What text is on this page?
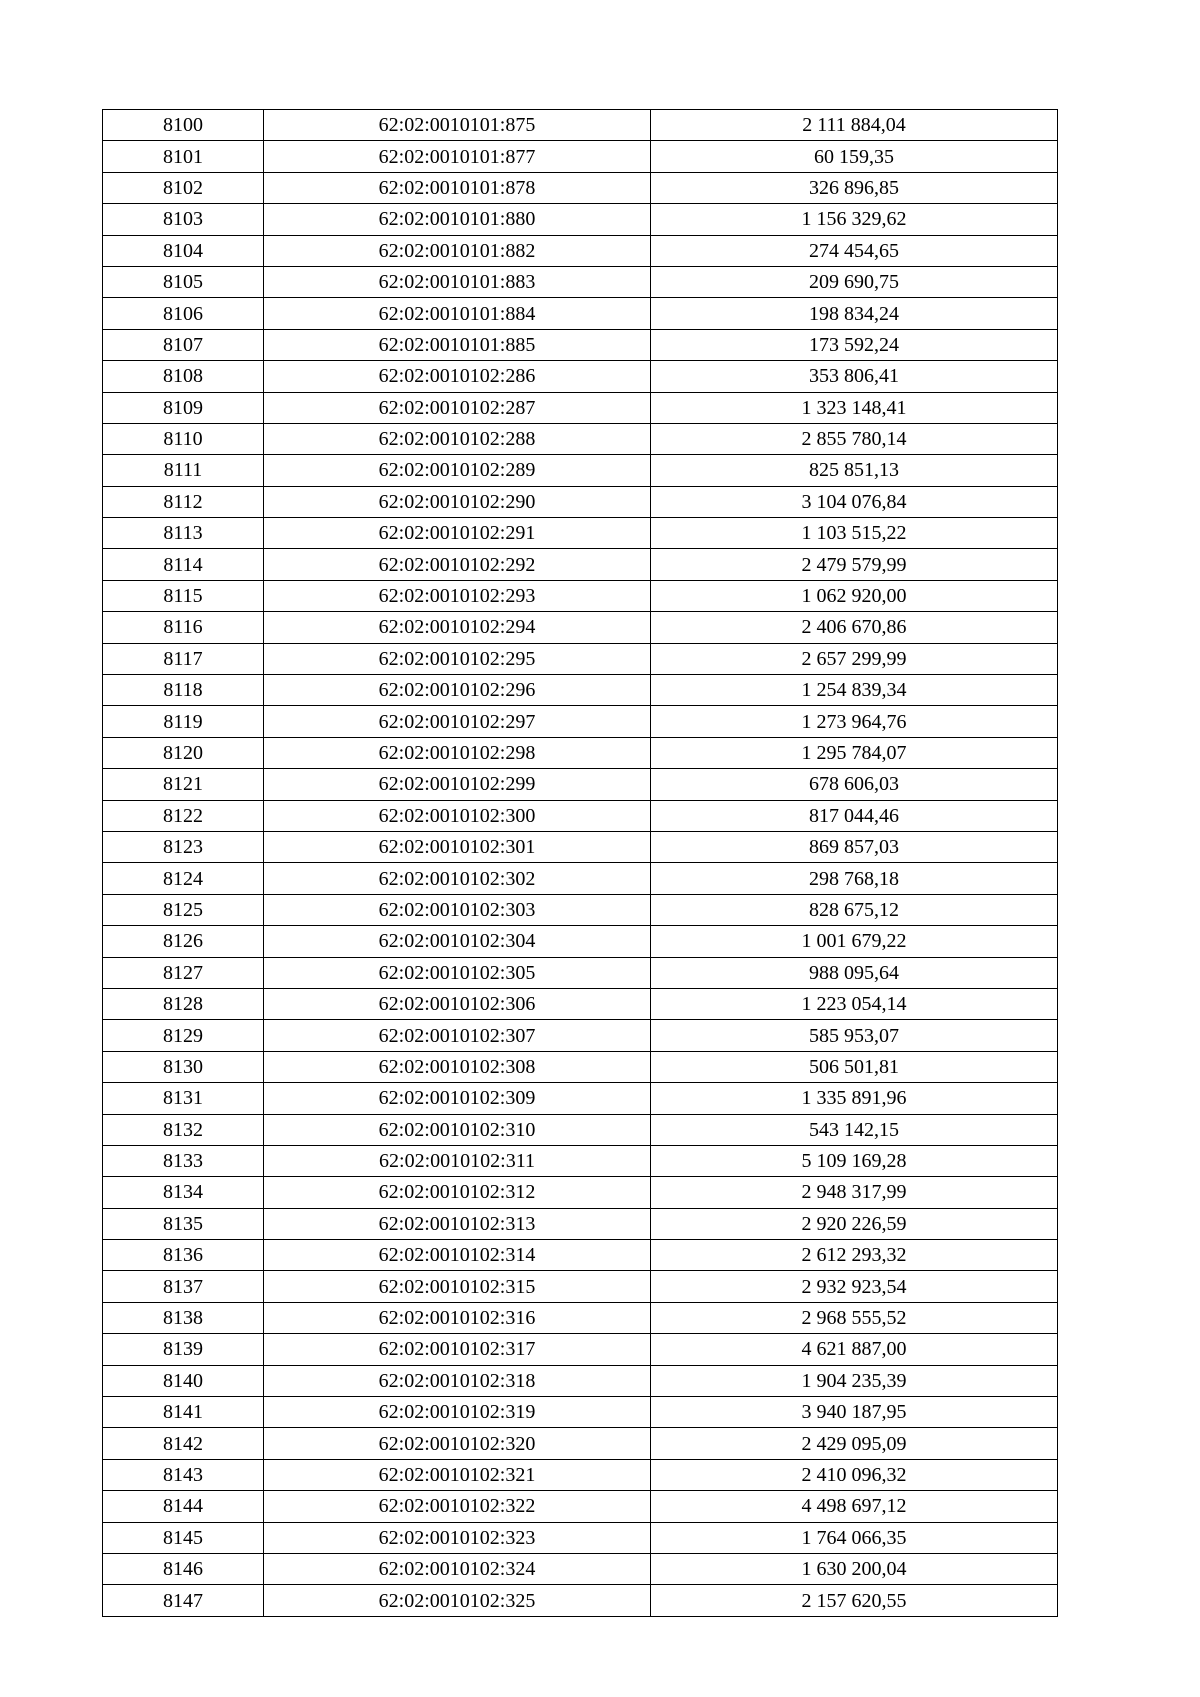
8100	62:02:0010101:875	2 111 884,04
8101	62:02:0010101:877	60 159,35
8102	62:02:0010101:878	326 896,85
8103	62:02:0010101:880	1 156 329,62
8104	62:02:0010101:882	274 454,65
8105	62:02:0010101:883	209 690,75
8106	62:02:0010101:884	198 834,24
8107	62:02:0010101:885	173 592,24
8108	62:02:0010102:286	353 806,41
8109	62:02:0010102:287	1 323 148,41
8110	62:02:0010102:288	2 855 780,14
8111	62:02:0010102:289	825 851,13
8112	62:02:0010102:290	3 104 076,84
8113	62:02:0010102:291	1 103 515,22
8114	62:02:0010102:292	2 479 579,99
8115	62:02:0010102:293	1 062 920,00
8116	62:02:0010102:294	2 406 670,86
8117	62:02:0010102:295	2 657 299,99
8118	62:02:0010102:296	1 254 839,34
8119	62:02:0010102:297	1 273 964,76
8120	62:02:0010102:298	1 295 784,07
8121	62:02:0010102:299	678 606,03
8122	62:02:0010102:300	817 044,46
8123	62:02:0010102:301	869 857,03
8124	62:02:0010102:302	298 768,18
8125	62:02:0010102:303	828 675,12
8126	62:02:0010102:304	1 001 679,22
8127	62:02:0010102:305	988 095,64
8128	62:02:0010102:306	1 223 054,14
8129	62:02:0010102:307	585 953,07
8130	62:02:0010102:308	506 501,81
8131	62:02:0010102:309	1 335 891,96
8132	62:02:0010102:310	543 142,15
8133	62:02:0010102:311	5 109 169,28
8134	62:02:0010102:312	2 948 317,99
8135	62:02:0010102:313	2 920 226,59
8136	62:02:0010102:314	2 612 293,32
8137	62:02:0010102:315	2 932 923,54
8138	62:02:0010102:316	2 968 555,52
8139	62:02:0010102:317	4 621 887,00
8140	62:02:0010102:318	1 904 235,39
8141	62:02:0010102:319	3 940 187,95
8142	62:02:0010102:320	2 429 095,09
8143	62:02:0010102:321	2 410 096,32
8144	62:02:0010102:322	4 498 697,12
8145	62:02:0010102:323	1 764 066,35
8146	62:02:0010102:324	1 630 200,04
8147	62:02:0010102:325	2 157 620,55
